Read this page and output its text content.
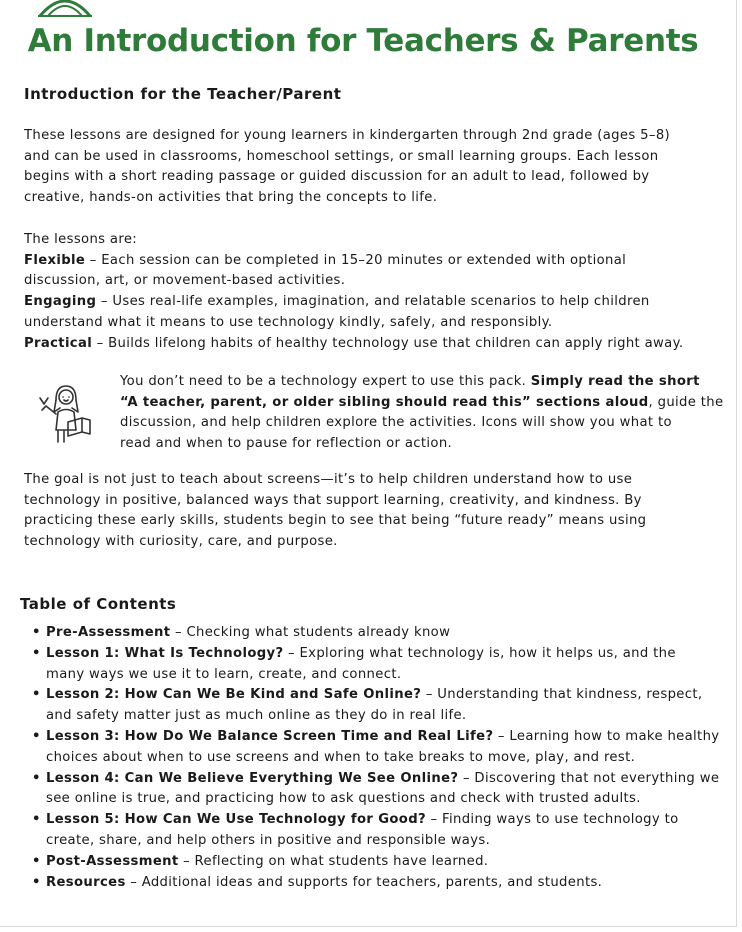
An Introduction for Teachers & Parents
Introduction for the Teacher/Parent

These lessons are designed for young learners in kindergarten through 2nd grade (ages 5–8)

and can be used in classrooms, homeschool settings, or small learning groups. Each lesson

begins with a short reading passage or guided discussion for an adult to lead, followed by

creative, hands-on activities that bring the concepts to life.

The lessons are:

Flexible – Each session can be completed in 15–20 minutes or extended with optional

discussion, art, or movement-based activities.

Engaging – Uses real-life examples, imagination, and relatable scenarios to help children

understand what it means to use technology kindly, safely, and responsibly.

Practical – Builds lifelong habits of healthy technology use that children can apply right away.

You don’t need to be a technology expert to use this pack. Simply read the short

“A teacher, parent, or older sibling should read this” sections aloud, guide the

discussion, and help children explore the activities. Icons will show you what to

read and when to pause for reflection or action.

The goal is not just to teach about screens—it’s to help children understand how to use

technology in positive, balanced ways that support learning, creativity, and kindness. By

practicing these early skills, students begin to see that being “future ready” means using

technology with curiosity, care, and purpose.

Table of Contents
• Pre-Assessment – Checking what students already know
• Lesson 1: What Is Technology? – Exploring what technology is, how it helps us, and the
many ways we use it to learn, create, and connect.
• Lesson 2: How Can We Be Kind and Safe Online? – Understanding that kindness, respect,
and safety matter just as much online as they do in real life.
• Lesson 3: How Do We Balance Screen Time and Real Life? – Learning how to make healthy
choices about when to use screens and when to take breaks to move, play, and rest.
• Lesson 4: Can We Believe Everything We See Online? – Discovering that not everything we
see online is true, and practicing how to ask questions and check with trusted adults.
• Lesson 5: How Can We Use Technology for Good? – Finding ways to use technology to
create, share, and help others in positive and responsible ways.
• Post-Assessment – Reflecting on what students have learned.
• Resources – Additional ideas and supports for teachers, parents, and students.
